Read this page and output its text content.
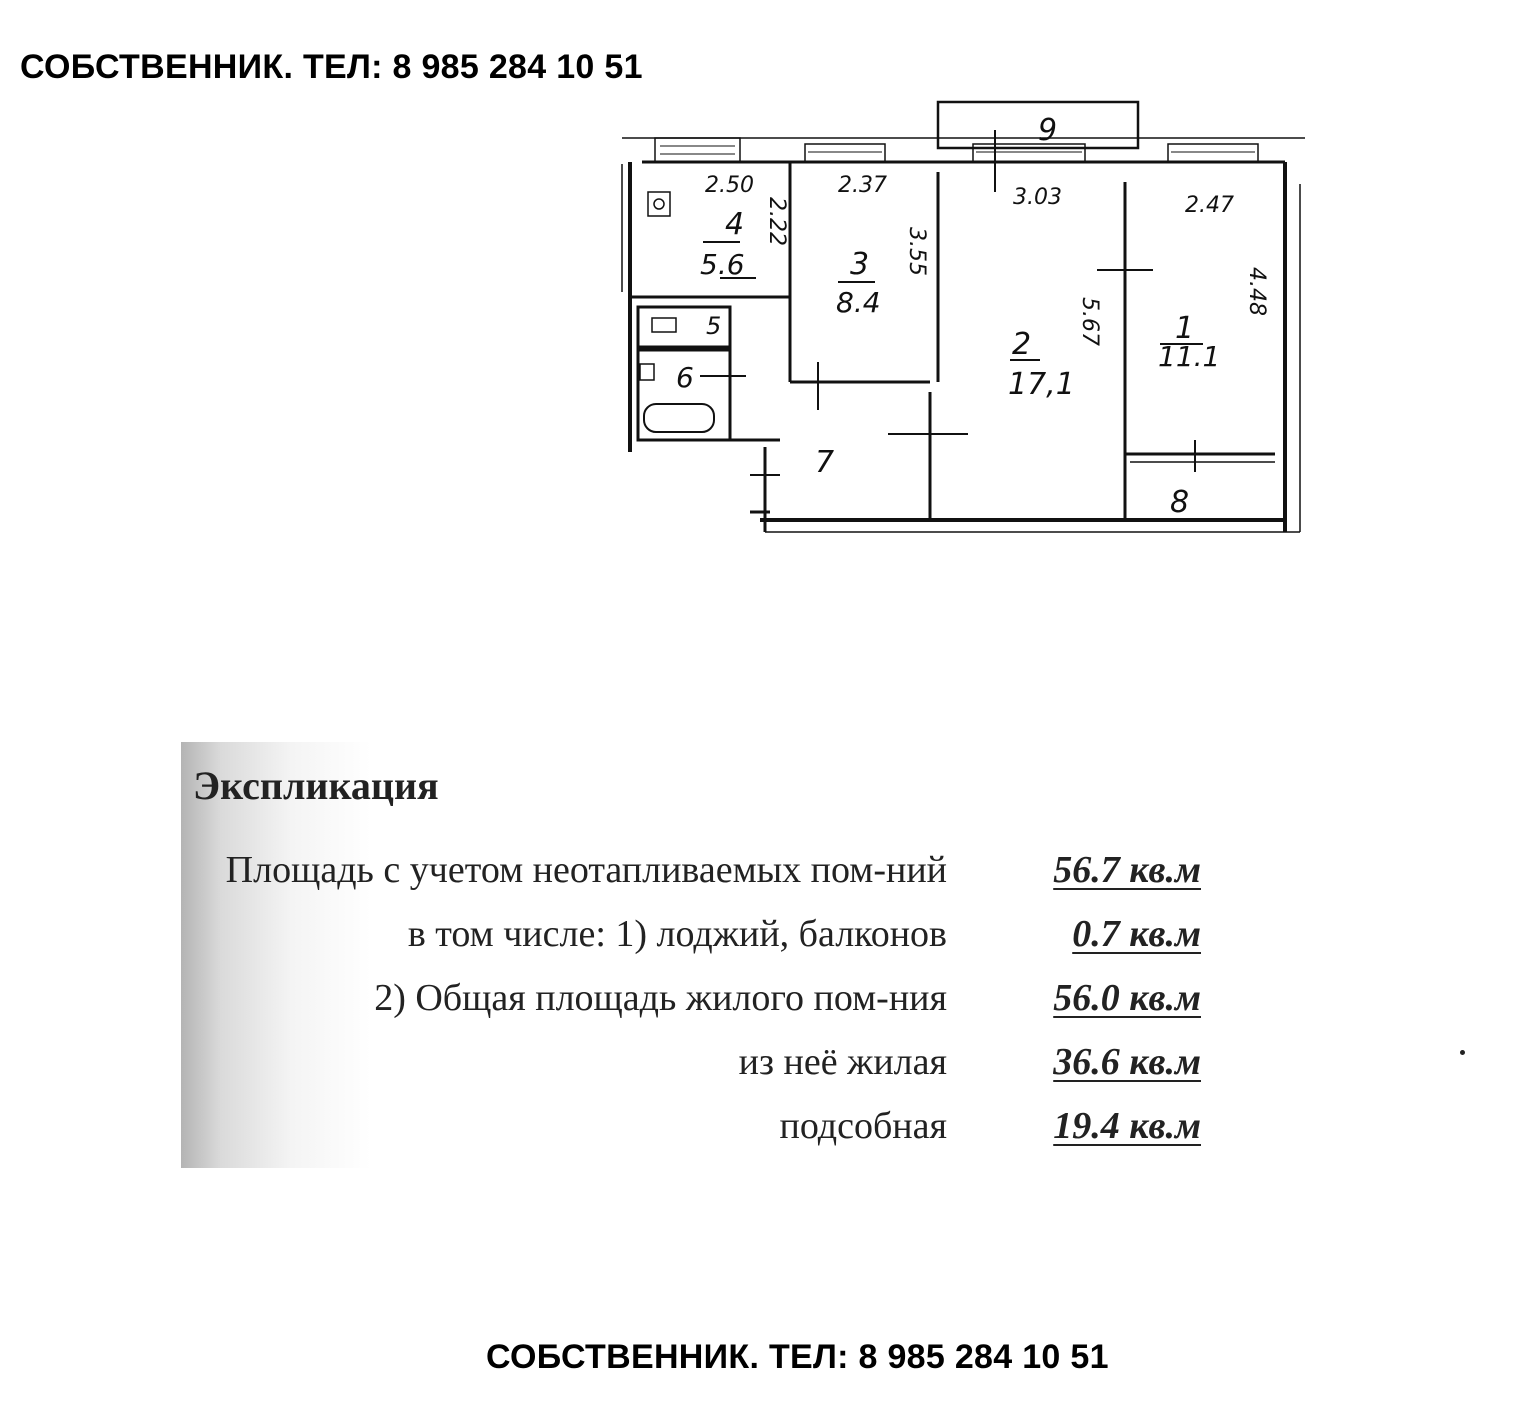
СОБСТВЕННИК. ТЕЛ: 8 985 284 10 51
9
1
11.1
2
17,1
3
8.4
4
5.6
5
6
7
8
2.50	2.37	3.03	2.47
2.22
3.55
5.67
4.48
Экспликация
Площадь с учетом неотапливаемых пом-ний	56.7 кв.м
в том числе: 1) лоджий, балконов	0.7 кв.м
2) Общая площадь жилого пом-ния	56.0 кв.м
из неё жилая	36.6 кв.м
подсобная	19.4 кв.м
СОБСТВЕННИК. ТЕЛ: 8 985 284 10 51
